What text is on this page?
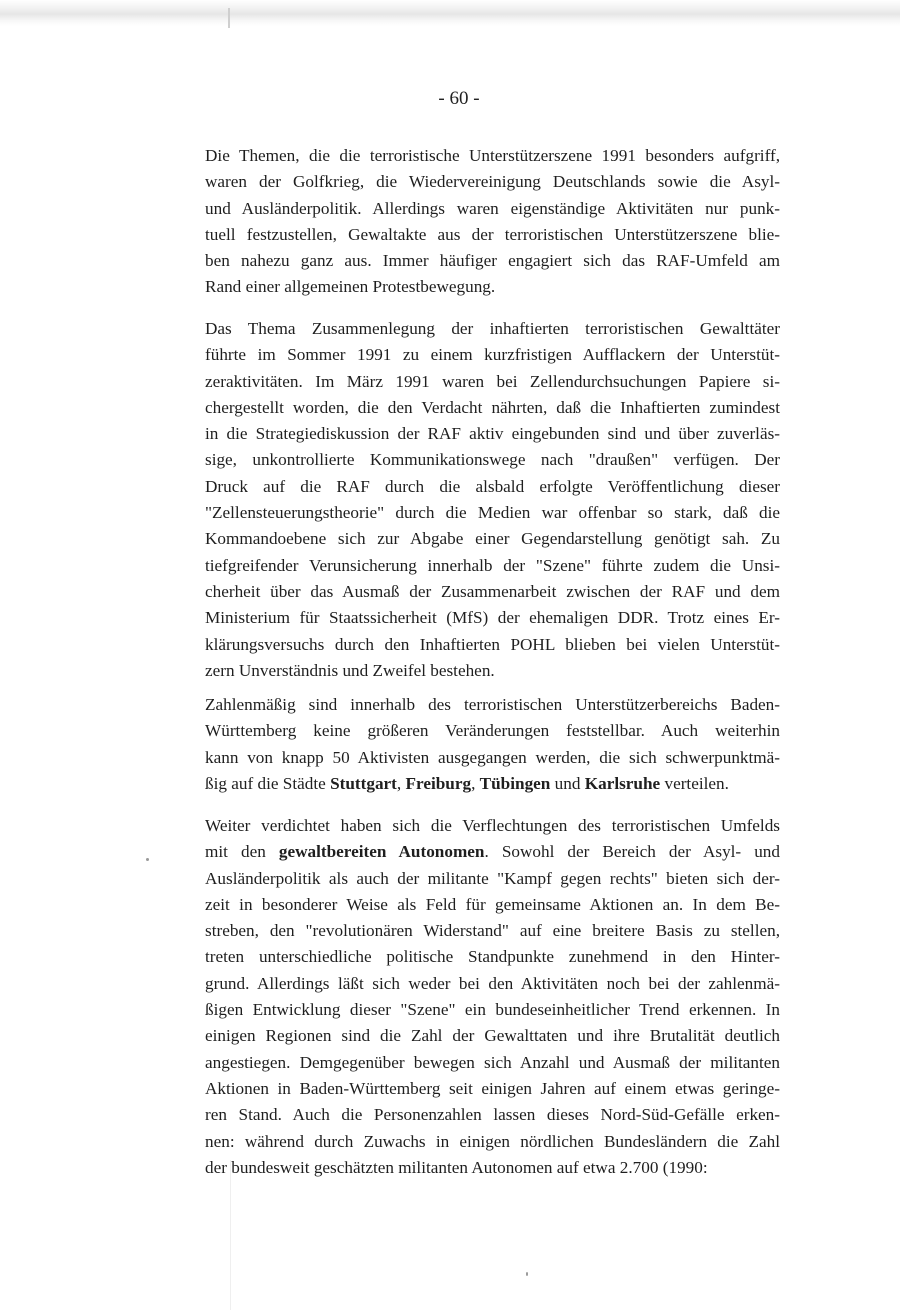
- 60 -
Die Themen, die die terroristische Unterstützerszene 1991 besonders aufgriff,
waren der Golfkrieg, die Wiedervereinigung Deutschlands sowie die Asyl-
und Ausländerpolitik. Allerdings waren eigenständige Aktivitäten nur punk-
tuell festzustellen, Gewaltakte aus der terroristischen Unterstützerszene blie-
ben nahezu ganz aus. Immer häufiger engagiert sich das RAF-Umfeld am
Rand einer allgemeinen Protestbewegung.
Das Thema Zusammenlegung der inhaftierten terroristischen Gewalttäter
führte im Sommer 1991 zu einem kurzfristigen Aufflackern der Unterstüt-
zeraktivitäten. Im März 1991 waren bei Zellendurchsuchungen Papiere si-
chergestellt worden, die den Verdacht nährten, daß die Inhaftierten zumindest
in die Strategiediskussion der RAF aktiv eingebunden sind und über zuverläs-
sige, unkontrollierte Kommunikationswege nach "draußen" verfügen. Der
Druck auf die RAF durch die alsbald erfolgte Veröffentlichung dieser
"Zellensteuerungstheorie" durch die Medien war offenbar so stark, daß die
Kommandoebene sich zur Abgabe einer Gegendarstellung genötigt sah. Zu
tiefgreifender Verunsicherung innerhalb der "Szene" führte zudem die Unsi-
cherheit über das Ausmaß der Zusammenarbeit zwischen der RAF und dem
Ministerium für Staatssicherheit (MfS) der ehemaligen DDR. Trotz eines Er-
klärungsversuchs durch den Inhaftierten POHL blieben bei vielen Unterstüt-
zern Unverständnis und Zweifel bestehen.
Zahlenmäßig sind innerhalb des terroristischen Unterstützerbereichs Baden-
Württemberg keine größeren Veränderungen feststellbar. Auch weiterhin
kann von knapp 50 Aktivisten ausgegangen werden, die sich schwerpunktmä-
ßig auf die Städte Stuttgart, Freiburg, Tübingen und Karlsruhe verteilen.
Weiter verdichtet haben sich die Verflechtungen des terroristischen Umfelds
mit den gewaltbereiten Autonomen. Sowohl der Bereich der Asyl- und
Ausländerpolitik als auch der militante "Kampf gegen rechts" bieten sich der-
zeit in besonderer Weise als Feld für gemeinsame Aktionen an. In dem Be-
streben, den "revolutionären Widerstand" auf eine breitere Basis zu stellen,
treten unterschiedliche politische Standpunkte zunehmend in den Hinter-
grund. Allerdings läßt sich weder bei den Aktivitäten noch bei der zahlenmä-
ßigen Entwicklung dieser "Szene" ein bundeseinheitlicher Trend erkennen. In
einigen Regionen sind die Zahl der Gewalttaten und ihre Brutalität deutlich
angestiegen. Demgegenüber bewegen sich Anzahl und Ausmaß der militanten
Aktionen in Baden-Württemberg seit einigen Jahren auf einem etwas geringe-
ren Stand. Auch die Personenzahlen lassen dieses Nord-Süd-Gefälle erken-
nen: während durch Zuwachs in einigen nördlichen Bundesländern die Zahl
der bundesweit geschätzten militanten Autonomen auf etwa 2.700 (1990:
